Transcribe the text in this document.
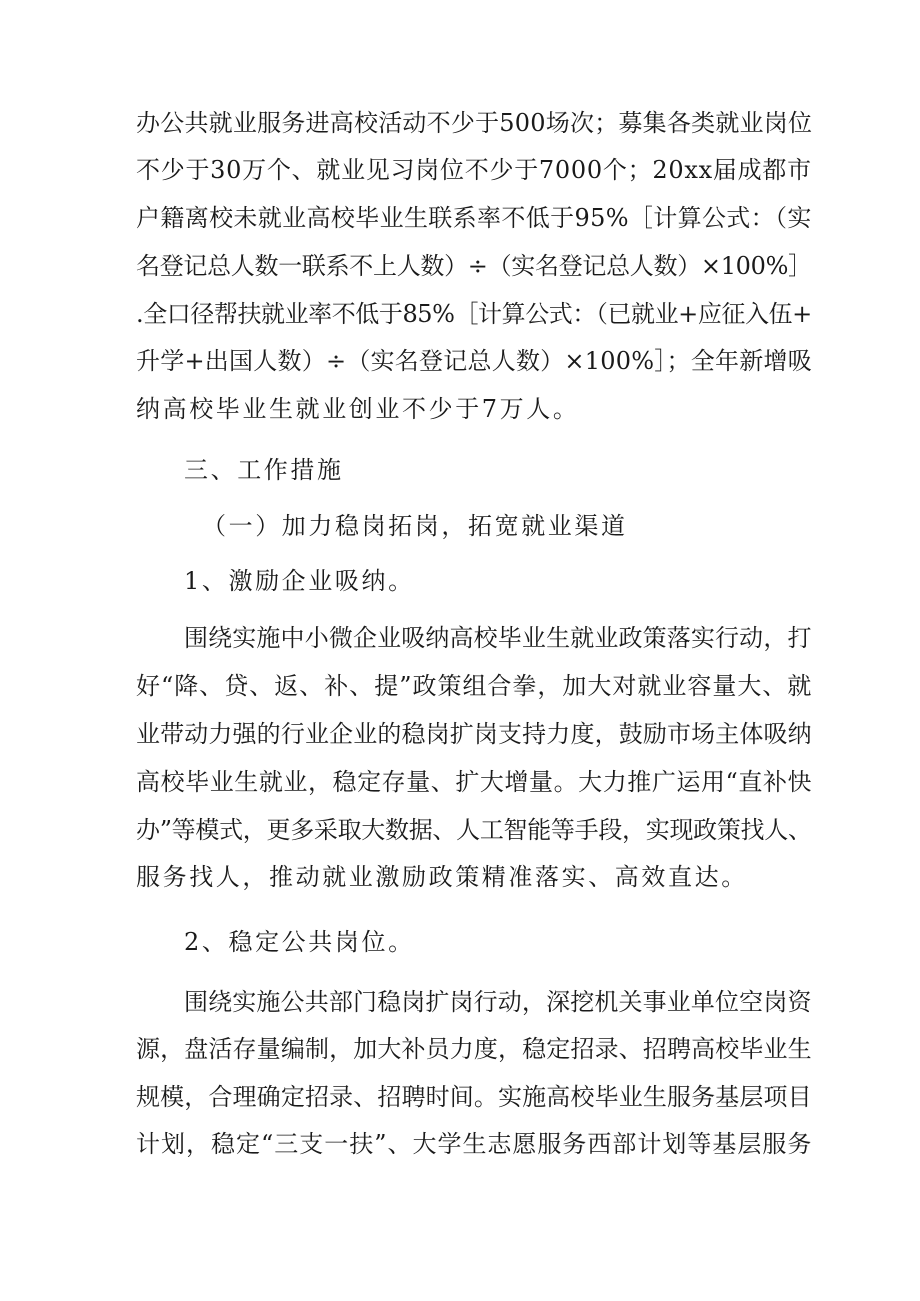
办公共就业服务进高校活动不少于500场次；募集各类就业岗位

不少于30万个、就业见习岗位不少于7000个；20xx届成都市

户籍离校未就业高校毕业生联系率不低于95%［计算公式：（实

名登记总人数一联系不上人数）÷（实名登记总人数）×100%］

.全口径帮扶就业率不低于85%［计算公式：（已就业+应征入伍+

升学+出国人数）÷（实名登记总人数）×100%］；全年新增吸

纳高校毕业生就业创业不少于7万人。

三、工作措施

（一）加力稳岗拓岗，拓宽就业渠道

1、激励企业吸纳。

围绕实施中小微企业吸纳高校毕业生就业政策落实行动，打

好“降、贷、返、补、提”政策组合拳，加大对就业容量大、就

业带动力强的行业企业的稳岗扩岗支持力度，鼓励市场主体吸纳

高校毕业生就业，稳定存量、扩大增量。大力推广运用“直补快

办”等模式，更多采取大数据、人工智能等手段，实现政策找人、

服务找人，推动就业激励政策精准落实、高效直达。

2、稳定公共岗位。

围绕实施公共部门稳岗扩岗行动，深挖机关事业单位空岗资

源，盘活存量编制，加大补员力度，稳定招录、招聘高校毕业生

规模，合理确定招录、招聘时间。实施高校毕业生服务基层项目

计划，稳定“三支一扶”、大学生志愿服务西部计划等基层服务
